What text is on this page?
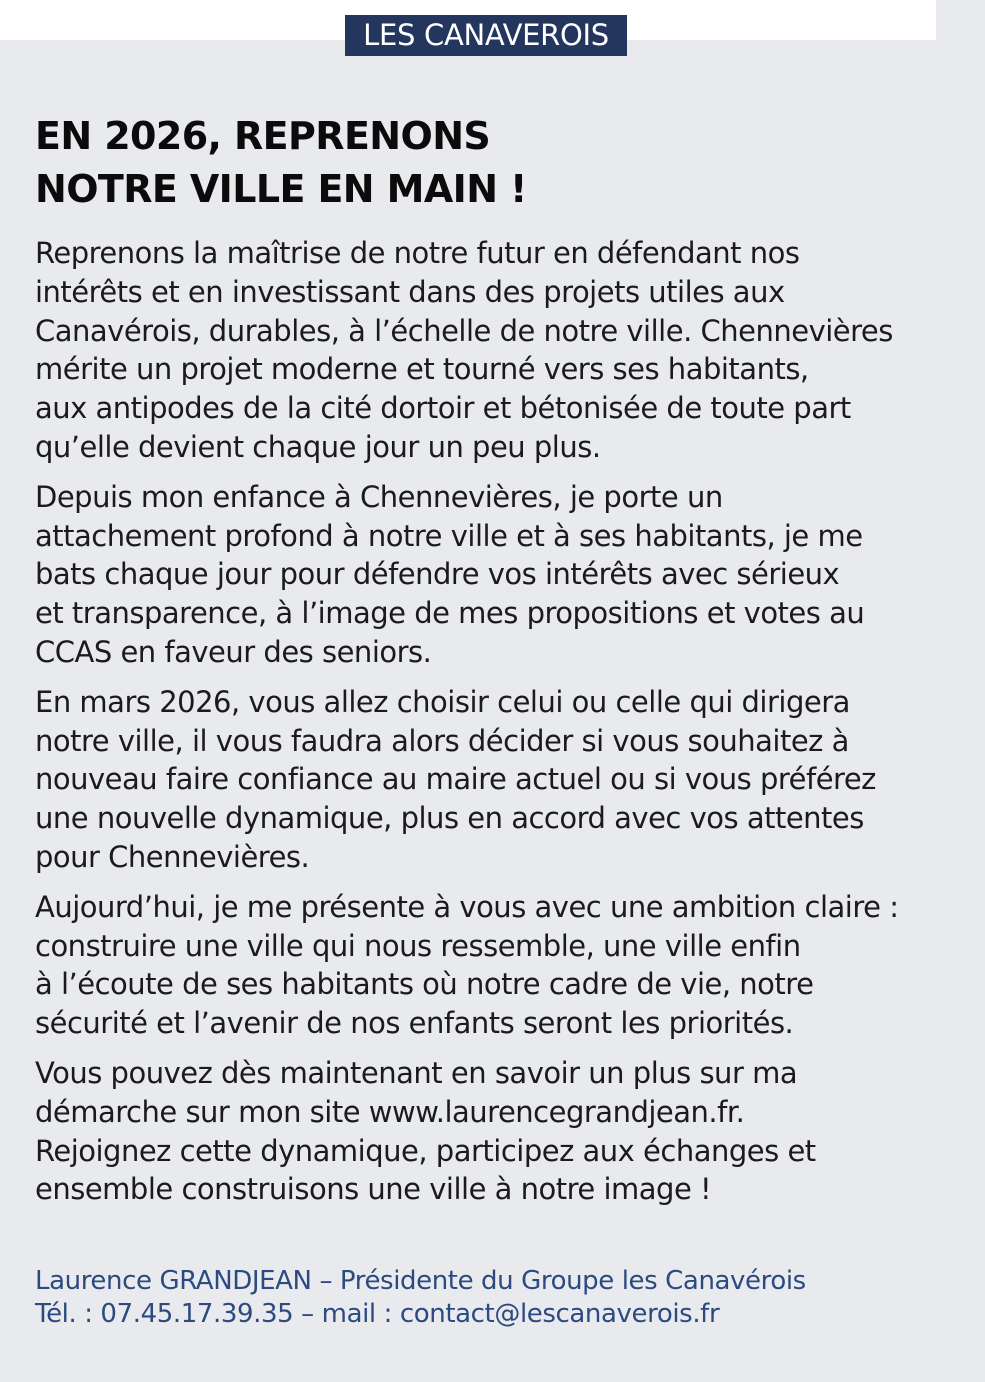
LES CANAVEROIS
EN 2026, REPRENONS
NOTRE VILLE EN MAIN !

Reprenons la maîtrise de notre futur en défendant nos
intérêts et en investissant dans des projets utiles aux
Canavérois, durables, à l’échelle de notre ville. Chennevières
mérite un projet moderne et tourné vers ses habitants,
aux antipodes de la cité dortoir et bétonisée de toute part
qu’elle devient chaque jour un peu plus.

Depuis mon enfance à Chennevières, je porte un
attachement profond à notre ville et à ses habitants, je me
bats chaque jour pour défendre vos intérêts avec sérieux
et transparence, à l’image de mes propositions et votes au
CCAS en faveur des seniors.

En mars 2026, vous allez choisir celui ou celle qui dirigera
notre ville, il vous faudra alors décider si vous souhaitez à
nouveau faire confiance au maire actuel ou si vous préférez
une nouvelle dynamique, plus en accord avec vos attentes
pour Chennevières.

Aujourd’hui, je me présente à vous avec une ambition claire :
construire une ville qui nous ressemble, une ville enfin
à l’écoute de ses habitants où notre cadre de vie, notre
sécurité et l’avenir de nos enfants seront les priorités.

Vous pouvez dès maintenant en savoir un plus sur ma
démarche sur mon site www.laurencegrandjean.fr.
Rejoignez cette dynamique, participez aux échanges et
ensemble construisons une ville à notre image !

Laurence GRANDJEAN – Présidente du Groupe les Canavérois
Tél. : 07.45.17.39.35 – mail : contact@lescanaverois.fr
